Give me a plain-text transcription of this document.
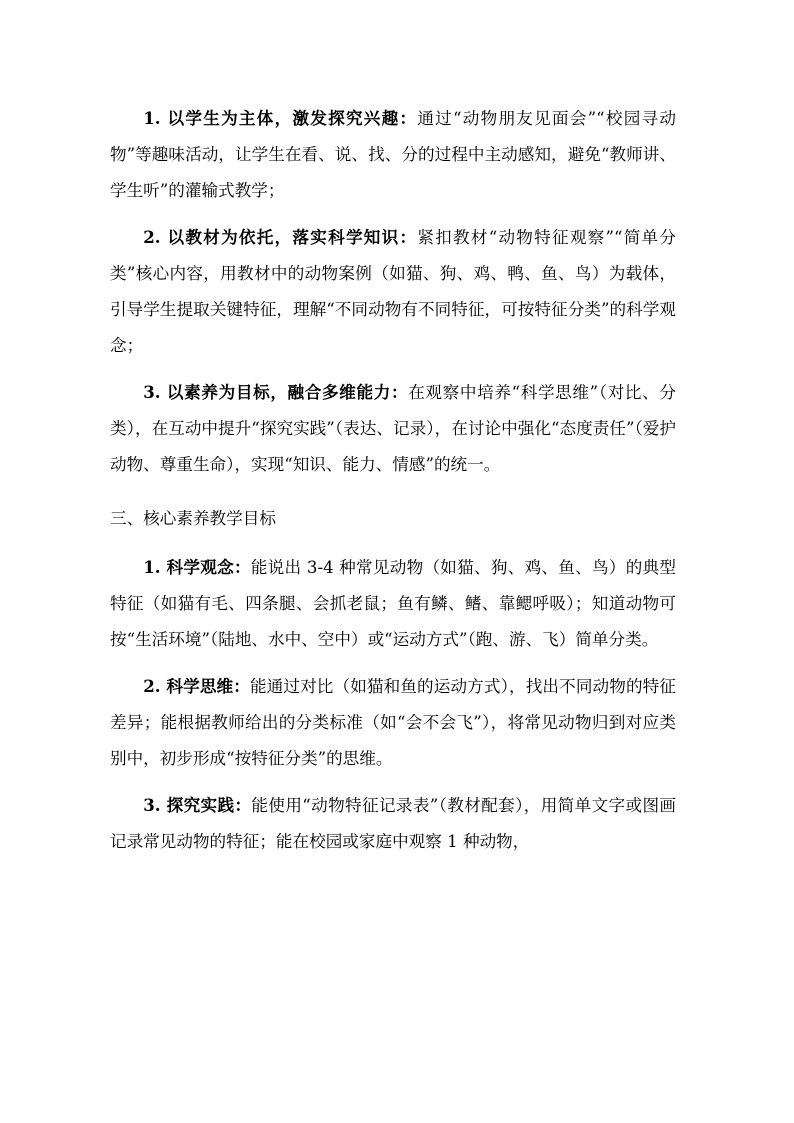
1. 以学生为主体，激发探究兴趣：通过“动物朋友见面会”“校园寻动物”等趣味活动，让学生在看、说、找、分的过程中主动感知，避免“教师讲、学生听”的灌输式教学；

2. 以教材为依托，落实科学知识：紧扣教材“动物特征观察”“简单分类”核心内容，用教材中的动物案例（如猫、狗、鸡、鸭、鱼、鸟）为载体，引导学生提取关键特征，理解“不同动物有不同特征，可按特征分类”的科学观念；

3. 以素养为目标，融合多维能力：在观察中培养“科学思维”（对比、分类），在互动中提升“探究实践”（表达、记录），在讨论中强化“态度责任”（爱护动物、尊重生命），实现“知识、能力、情感”的统一。

三、核心素养教学目标

1. 科学观念：能说出 3-4 种常见动物（如猫、狗、鸡、鱼、鸟）的典型特征（如猫有毛、四条腿、会抓老鼠；鱼有鳞、鳍、靠鳃呼吸）；知道动物可按“生活环境”（陆地、水中、空中）或“运动方式”（跑、游、飞）简单分类。

2. 科学思维：能通过对比（如猫和鱼的运动方式），找出不同动物的特征差异；能根据教师给出的分类标准（如“会不会飞”），将常见动物归到对应类别中，初步形成“按特征分类”的思维。

3. 探究实践：能使用“动物特征记录表”（教材配套），用简单文字或图画记录常见动物的特征；能在校园或家庭中观察 1 种动物，
